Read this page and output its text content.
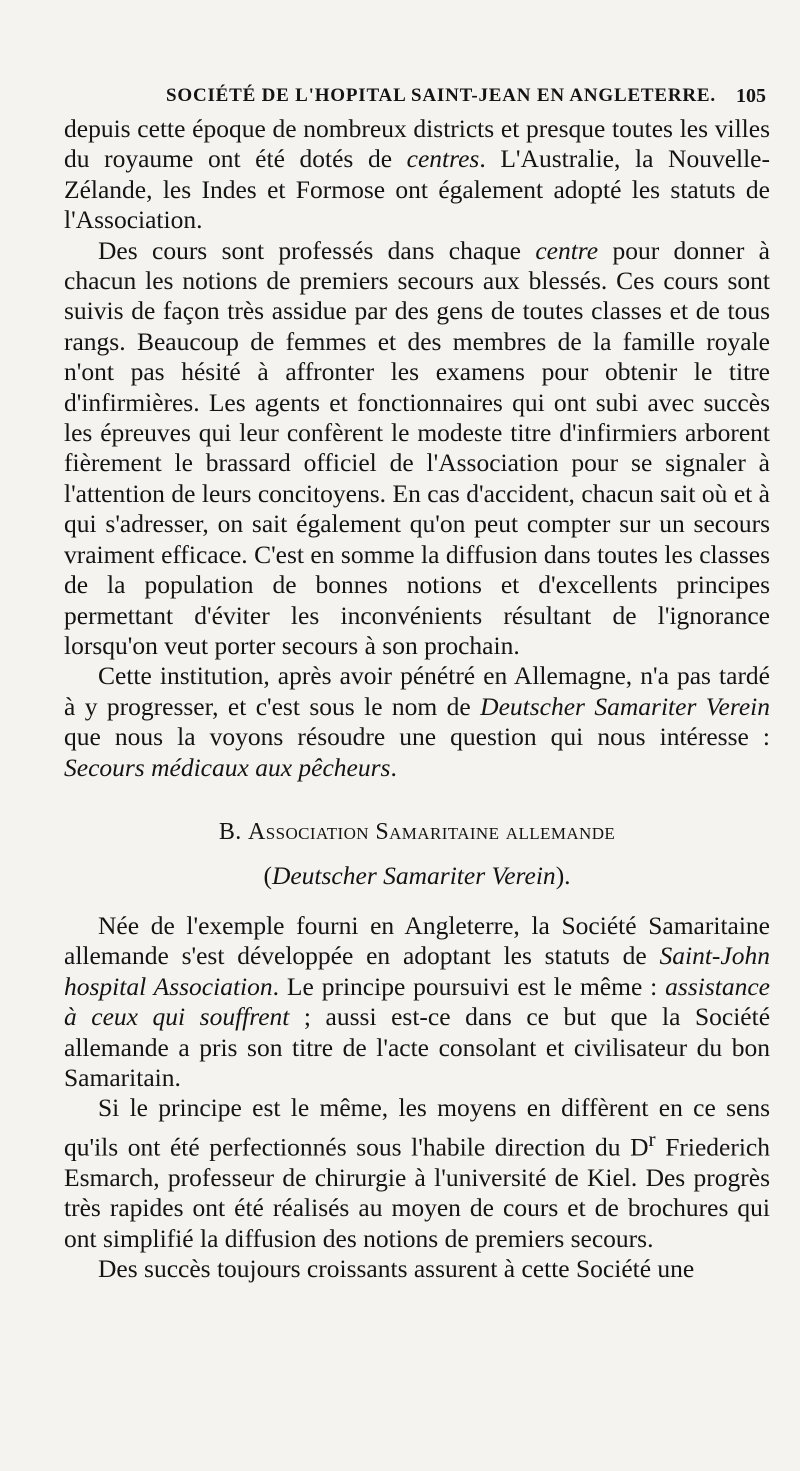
SOCIÉTÉ DE L'HOPITAL SAINT-JEAN EN ANGLETERRE. 105

depuis cette époque de nombreux districts et presque toutes les villes du royaume ont été dotés de centres. L'Australie, la Nouvelle-Zélande, les Indes et Formose ont également adopté les statuts de l'Association.

Des cours sont professés dans chaque centre pour donner à chacun les notions de premiers secours aux blessés. Ces cours sont suivis de façon très assidue par des gens de toutes classes et de tous rangs. Beaucoup de femmes et des membres de la famille royale n'ont pas hésité à affronter les examens pour obtenir le titre d'infirmières. Les agents et fonctionnaires qui ont subi avec succès les épreuves qui leur confèrent le modeste titre d'infirmiers arborent fièrement le brassard officiel de l'Association pour se signaler à l'attention de leurs concitoyens. En cas d'accident, chacun sait où et à qui s'adresser, on sait également qu'on peut compter sur un secours vraiment efficace. C'est en somme la diffusion dans toutes les classes de la population de bonnes notions et d'excellents principes permettant d'éviter les inconvénients résultant de l'ignorance lorsqu'on veut porter secours à son prochain.

Cette institution, après avoir pénétré en Allemagne, n'a pas tardé à y progresser, et c'est sous le nom de Deutscher Samariter Verein que nous la voyons résoudre une question qui nous intéresse : Secours médicaux aux pêcheurs.

B. Association Samaritaine allemande
(Deutscher Samariter Verein).

Née de l'exemple fourni en Angleterre, la Société Samaritaine allemande s'est développée en adoptant les statuts de Saint-John hospital Association. Le principe poursuivi est le même : assistance à ceux qui souffrent ; aussi est-ce dans ce but que la Société allemande a pris son titre de l'acte consolant et civilisateur du bon Samaritain.

Si le principe est le même, les moyens en diffèrent en ce sens qu'ils ont été perfectionnés sous l'habile direction du $D^r$ Friederich Esmarch, professeur de chirurgie à l'université de Kiel. Des progrès très rapides ont été réalisés au moyen de cours et de brochures qui ont simplifié la diffusion des notions de premiers secours.

Des succès toujours croissants assurent à cette Société une
